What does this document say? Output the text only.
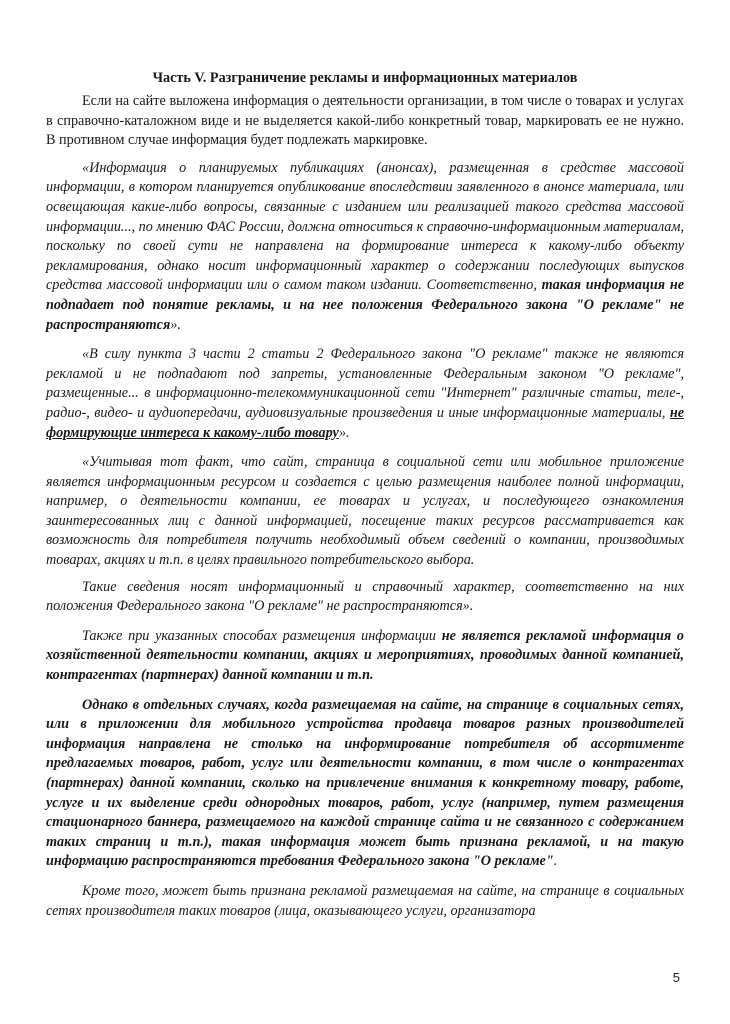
Часть V. Разграничение рекламы и информационных материалов

Если на сайте выложена информация о деятельности организации, в том числе о товарах и услугах в справочно-каталожном виде и не выделяется какой-либо конкретный товар, маркировать ее не нужно. В противном случае информация будет подлежать маркировке.

«Информация о планируемых публикациях (анонсах), размещенная в средстве массовой информации, в котором планируется опубликование впоследствии заявленного в анонсе материала, или освещающая какие-либо вопросы, связанные с изданием или реализацией такого средства массовой информации..., по мнению ФАС России, должна относиться к справочно-информационным материалам, поскольку по своей сути не направлена на формирование интереса к какому-либо объекту рекламирования, однако носит информационный характер о содержании последующих выпусков средства массовой информации или о самом таком издании. Соответственно, такая информация не подпадает под понятие рекламы, и на нее положения Федерального закона "О рекламе" не распространяются».

«В силу пункта 3 части 2 статьи 2 Федерального закона "О рекламе" также не являются рекламой и не подпадают под запреты, установленные Федеральным законом "О рекламе", размещенные... в информационно-телекоммуникационной сети "Интернет" различные статьи, теле-, радио-, видео- и аудиопередачи, аудиовизуальные произведения и иные информационные материалы, не формирующие интереса к какому-либо товару».

«Учитывая тот факт, что сайт, страница в социальной сети или мобильное приложение является информационным ресурсом и создается с целью размещения наиболее полной информации, например, о деятельности компании, ее товарах и услугах, и последующего ознакомления заинтересованных лиц с данной информацией, посещение таких ресурсов рассматривается как возможность для потребителя получить необходимый объем сведений о компании, производимых товарах, акциях и т.п. в целях правильного потребительского выбора.

Такие сведения носят информационный и справочный характер, соответственно на них положения Федерального закона "О рекламе" не распространяются».

Также при указанных способах размещения информации не является рекламой информация о хозяйственной деятельности компании, акциях и мероприятиях, проводимых данной компанией, контрагентах (партнерах) данной компании и т.п.

Однако в отдельных случаях, когда размещаемая на сайте, на странице в социальных сетях, или в приложении для мобильного устройства продавца товаров разных производителей информация направлена не столько на информирование потребителя об ассортименте предлагаемых товаров, работ, услуг или деятельности компании, в том числе о контрагентах (партнерах) данной компании, сколько на привлечение внимания к конкретному товару, работе, услуге и их выделение среди однородных товаров, работ, услуг (например, путем размещения стационарного баннера, размещаемого на каждой странице сайта и не связанного с содержанием таких страниц и т.п.), такая информация может быть признана рекламой, и на такую информацию распространяются требования Федерального закона "О рекламе".

Кроме того, может быть признана рекламой размещаемая на сайте, на странице в социальных сетях производителя таких товаров (лица, оказывающего услуги, организатора

5
